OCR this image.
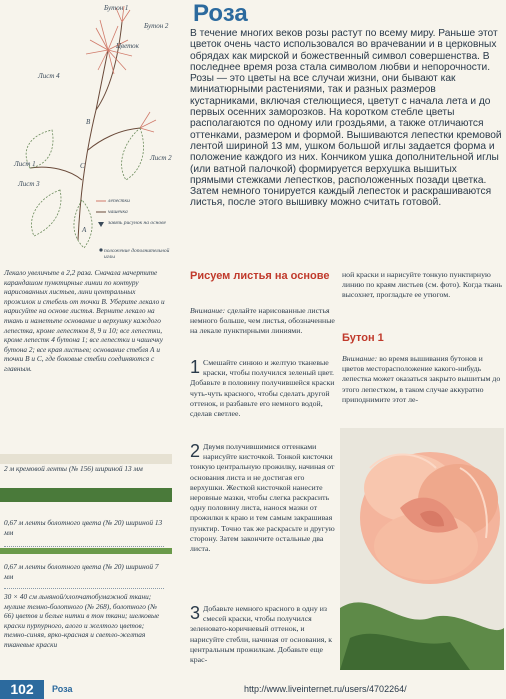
Бутон 1
Бутон 2
Цветок
Лист 4
Лист 1
Лист 2
Лист 3
лепестки
чашечка
завязь рисунок на основе
A
B
C
положение дополнительной иглы

Лекало увеличьте в 2,2 раза. Сначала начертите карандашом пунктирные линии по контуру нарисованных листьев, лини центральных прожилок и стебель от точки В. Уберите лекало и нарисуйте на основе листья. Верните лекало на ткань и наметьте основание и верхушку каждого лепестка, кроме лепестков 8, 9 и 10; все лепестки, кроме лепестк 4 бутона 1; все лепестки и чашечку бутона 2; все края листьев; основание стебля А и точки В и С, где боковые стебли соединяются с главным.

2 м кремовой ленты (№ 156) шириной 13 мм

0,67 м ленты болотного цвета (№ 20) шириной 13 мм

0,67 м ленты болотного цвета (№ 20) шириной 7 мм

30 × 40 см льняной/хлопчатобумажной ткани; мулине темно-болотного (№ 268), болотного (№ 66) цветов и белые нитки в тон ткани; шелковые краски пурпурного, алого и желтого цветов; темно-синяя, ярко-красная и светло-желтая тканевые краски

Роза

В течение многих веков розы растут по всему миру. Раньше этот цветок очень часто использовался во врачевании и в церковных обрядах как мирской и божественный символ совершенства. В последнее время роза стала символом любви и непорочности. Розы — это цветы на все случаи жизни, они бывают как миниатюрными растениями, так и разных размеров кустарниками, включая стелющиеся, цветут с начала лета и до первых осенних заморозков. На коротком стебле цветы располагаются по одному или гроздьями, а также отличаются оттенками, размером и формой. Вышиваются лепестки кремовой лентой шириной 13 мм, ушком большой иглы задается форма и положение каждого из них. Кончиком ушка дополнительной иглы (или ватной палочкой) формируется верхушка вышитых прямыми стежками лепестков, расположенных позади цветка. Затем немного тонируется каждый лепесток и раскрашиваются листья, после этого вышивку можно считать готовой.

Рисуем листья на основе

Внимание: сделайте нарисованные листья немного больше, чем листья, обозначенные на лекале пунктирными линиями.

1 Смешайте синюю и желтую тканевые краски, чтобы получился зеленый цвет. Добавьте в половину получившейся краски чуть-чуть красного, чтобы сделать другой оттенок, и разбавьте его немного водой, сделав светлее.
2 Двумя получившимися оттенками нарисуйте кисточкой. Тонкой кисточки тонкую центральную прожилку, начиная от основания листа и не достигая его верхушки. Жесткой кисточкой нанесите неровные мазки, чтобы слегка раскрасить одну половину листа, нанося мазки от прожилки к краю и тем самым закрашивая пунктир. Точно так же раскрасьте и другую сторону. Затем закончите остальные два листа.
3 Добавьте немного красного в одну из смесей краски, чтобы получился зеленовато-коричневый оттенок, и нарисуйте стебли, начиная от основания, к центральным прожилкам. Добавьте еще крас-

ной краски и нарисуйте тонкую пунктирную линию по краям листьев (см. фото). Когда ткань высохнет, прогладьте ее утюгом.

Бутон 1

Внимание: во время вышивания бутонов и цветов месторасположение какого-нибудь лепестка может оказаться закрыто вышитым до этого лепестком, в таком случае аккуратно приподнимите этот ле-

102	Роза	http://www.liveinternet.ru/users/4702264/
